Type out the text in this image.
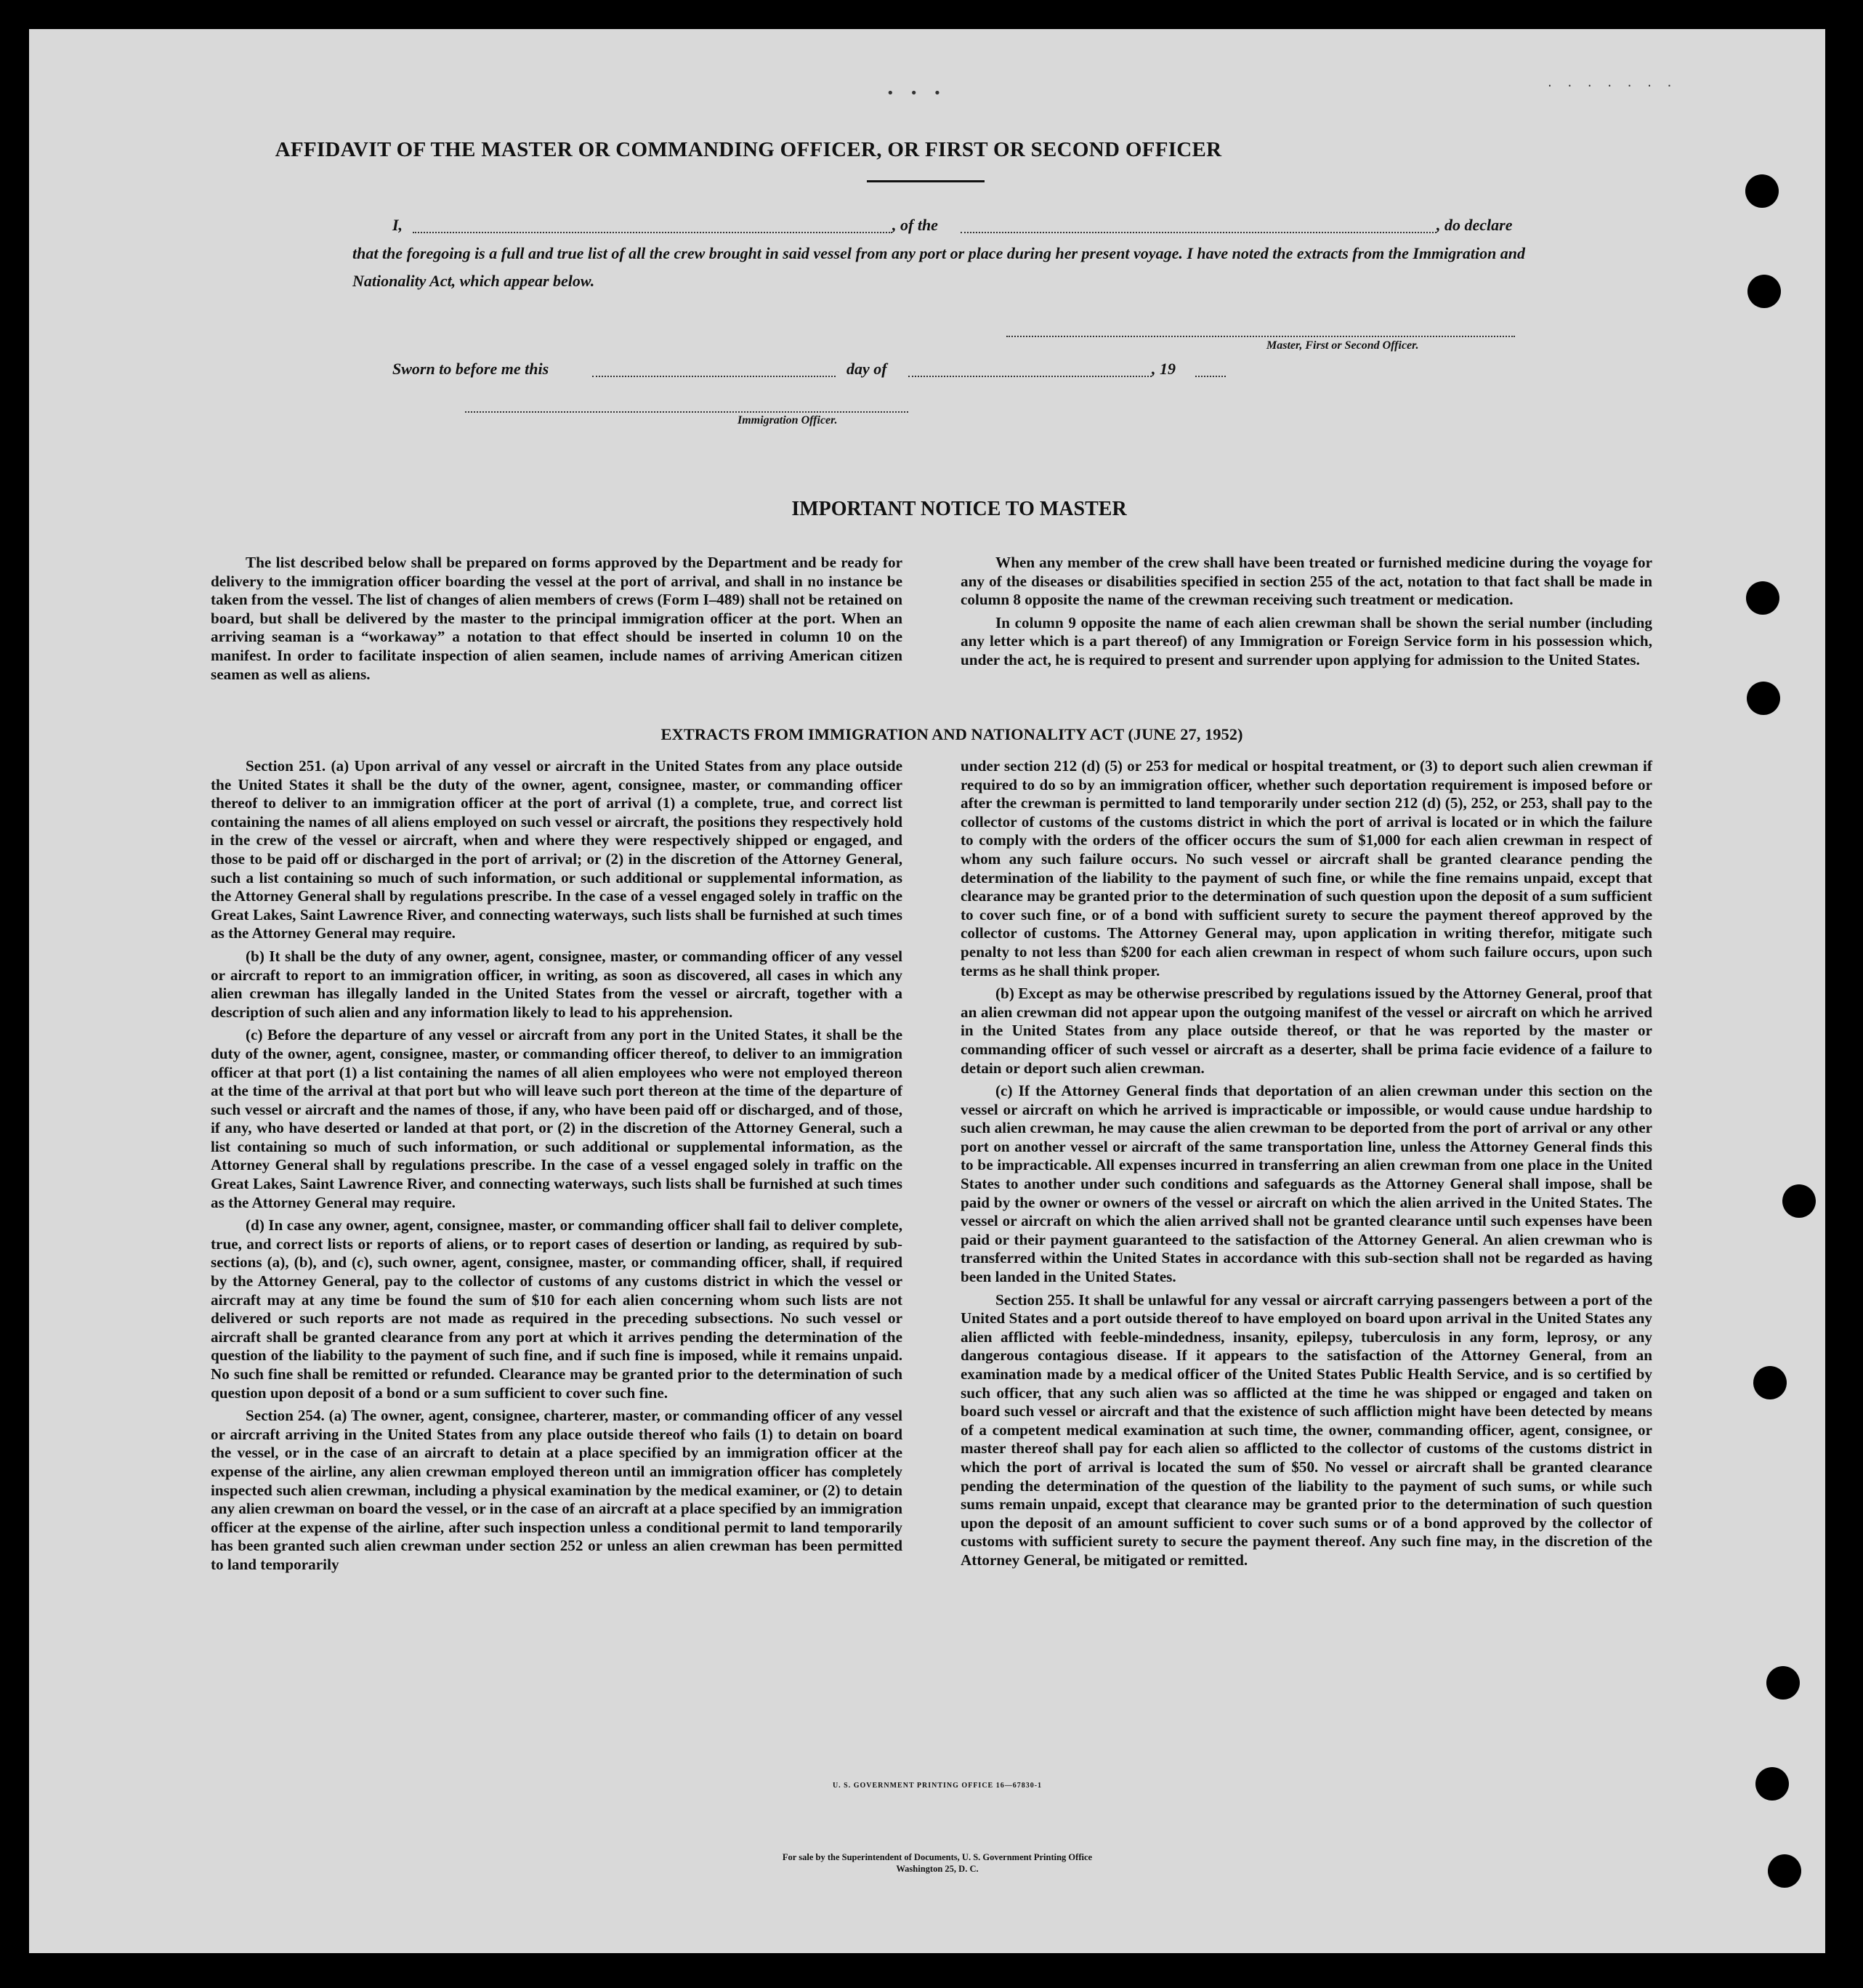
• • •	· · · · · · ·
AFFIDAVIT OF THE MASTER OR COMMANDING OFFICER, OR FIRST OR SECOND OFFICER
I,	, of the	, do declare
that the foregoing is a full and true list of all the crew brought in said vessel from any port or place during her present voyage. I have noted the extracts from the Immigration and Nationality Act, which appear below.
Master, First or Second Officer.
Sworn to before me this	day of	, 19
Immigration Officer.
IMPORTANT NOTICE TO MASTER

The list described below shall be prepared on forms approved by the Department and be ready for delivery to the immigration officer boarding the vessel at the port of arrival, and shall in no instance be taken from the vessel. The list of changes of alien members of crews (Form I–489) shall not be retained on board, but shall be delivered by the master to the principal immigration officer at the port. When an arriving seaman is a “workaway” a notation to that effect should be inserted in column 10 on the manifest. In order to facilitate inspection of alien seamen, include names of arriving American citizen seamen as well as aliens.

When any member of the crew shall have been treated or furnished medicine during the voyage for any of the diseases or disabilities specified in section 255 of the act, notation to that fact shall be made in column 8 opposite the name of the crewman receiving such treatment or medication.

In column 9 opposite the name of each alien crewman shall be shown the serial number (including any letter which is a part thereof) of any Immigration or Foreign Service form in his possession which, under the act, he is required to present and surrender upon applying for admission to the United States.

EXTRACTS FROM IMMIGRATION AND NATIONALITY ACT (JUNE 27, 1952)

Section 251. (a) Upon arrival of any vessel or aircraft in the United States from any place outside the United States it shall be the duty of the owner, agent, consignee, master, or commanding officer thereof to deliver to an immigration officer at the port of arrival (1) a complete, true, and correct list containing the names of all aliens employed on such vessel or aircraft, the positions they respectively hold in the crew of the vessel or aircraft, when and where they were respectively shipped or engaged, and those to be paid off or discharged in the port of arrival; or (2) in the discretion of the Attorney General, such a list containing so much of such information, or such additional or supplemental information, as the Attorney General shall by regulations prescribe. In the case of a vessel engaged solely in traffic on the Great Lakes, Saint Lawrence River, and connecting waterways, such lists shall be furnished at such times as the Attorney General may require.

(b) It shall be the duty of any owner, agent, consignee, master, or commanding officer of any vessel or aircraft to report to an immigration officer, in writing, as soon as discovered, all cases in which any alien crewman has illegally landed in the United States from the vessel or aircraft, together with a description of such alien and any information likely to lead to his apprehension.

(c) Before the departure of any vessel or aircraft from any port in the United States, it shall be the duty of the owner, agent, consignee, master, or commanding officer thereof, to deliver to an immigration officer at that port (1) a list containing the names of all alien employees who were not employed thereon at the time of the arrival at that port but who will leave such port thereon at the time of the departure of such vessel or aircraft and the names of those, if any, who have been paid off or discharged, and of those, if any, who have deserted or landed at that port, or (2) in the discretion of the Attorney General, such a list containing so much of such information, or such additional or supplemental information, as the Attorney General shall by regulations prescribe. In the case of a vessel engaged solely in traffic on the Great Lakes, Saint Lawrence River, and connecting waterways, such lists shall be furnished at such times as the Attorney General may require.

(d) In case any owner, agent, consignee, master, or commanding officer shall fail to deliver complete, true, and correct lists or reports of aliens, or to report cases of desertion or landing, as required by sub-sections (a), (b), and (c), such owner, agent, consignee, master, or commanding officer, shall, if required by the Attorney General, pay to the collector of customs of any customs district in which the vessel or aircraft may at any time be found the sum of $10 for each alien concerning whom such lists are not delivered or such reports are not made as required in the preceding subsections. No such vessel or aircraft shall be granted clearance from any port at which it arrives pending the determination of the question of the liability to the payment of such fine, and if such fine is imposed, while it remains unpaid. No such fine shall be remitted or refunded. Clearance may be granted prior to the determination of such question upon deposit of a bond or a sum sufficient to cover such fine.

Section 254. (a) The owner, agent, consignee, charterer, master, or commanding officer of any vessel or aircraft arriving in the United States from any place outside thereof who fails (1) to detain on board the vessel, or in the case of an aircraft to detain at a place specified by an immigration officer at the expense of the airline, any alien crewman employed thereon until an immigration officer has completely inspected such alien crewman, including a physical examination by the medical examiner, or (2) to detain any alien crewman on board the vessel, or in the case of an aircraft at a place specified by an immigration officer at the expense of the airline, after such inspection unless a conditional permit to land temporarily has been granted such alien crewman under section 252 or unless an alien crewman has been permitted to land temporarily

under section 212 (d) (5) or 253 for medical or hospital treatment, or (3) to deport such alien crewman if required to do so by an immigration officer, whether such deportation requirement is imposed before or after the crewman is permitted to land temporarily under section 212 (d) (5), 252, or 253, shall pay to the collector of customs of the customs district in which the port of arrival is located or in which the failure to comply with the orders of the officer occurs the sum of $1,000 for each alien crewman in respect of whom any such failure occurs. No such vessel or aircraft shall be granted clearance pending the determination of the liability to the payment of such fine, or while the fine remains unpaid, except that clearance may be granted prior to the determination of such question upon the deposit of a sum sufficient to cover such fine, or of a bond with sufficient surety to secure the payment thereof approved by the collector of customs. The Attorney General may, upon application in writing therefor, mitigate such penalty to not less than $200 for each alien crewman in respect of whom such failure occurs, upon such terms as he shall think proper.

(b) Except as may be otherwise prescribed by regulations issued by the Attorney General, proof that an alien crewman did not appear upon the outgoing manifest of the vessel or aircraft on which he arrived in the United States from any place outside thereof, or that he was reported by the master or commanding officer of such vessel or aircraft as a deserter, shall be prima facie evidence of a failure to detain or deport such alien crewman.

(c) If the Attorney General finds that deportation of an alien crewman under this section on the vessel or aircraft on which he arrived is impracticable or impossible, or would cause undue hardship to such alien crewman, he may cause the alien crewman to be deported from the port of arrival or any other port on another vessel or aircraft of the same transportation line, unless the Attorney General finds this to be impracticable. All expenses incurred in transferring an alien crewman from one place in the United States to another under such conditions and safeguards as the Attorney General shall impose, shall be paid by the owner or owners of the vessel or aircraft on which the alien arrived in the United States. The vessel or aircraft on which the alien arrived shall not be granted clearance until such expenses have been paid or their payment guaranteed to the satisfaction of the Attorney General. An alien crewman who is transferred within the United States in accordance with this sub-section shall not be regarded as having been landed in the United States.

Section 255. It shall be unlawful for any vessal or aircraft carrying passengers between a port of the United States and a port outside thereof to have employed on board upon arrival in the United States any alien afflicted with feeble-mindedness, insanity, epilepsy, tuberculosis in any form, leprosy, or any dangerous contagious disease. If it appears to the satisfaction of the Attorney General, from an examination made by a medical officer of the United States Public Health Service, and is so certified by such officer, that any such alien was so afflicted at the time he was shipped or engaged and taken on board such vessel or aircraft and that the existence of such affliction might have been detected by means of a competent medical examination at such time, the owner, commanding officer, agent, consignee, or master thereof shall pay for each alien so afflicted to the collector of customs of the customs district in which the port of arrival is located the sum of $50. No vessel or aircraft shall be granted clearance pending the determination of the question of the liability to the payment of such sums, or while such sums remain unpaid, except that clearance may be granted prior to the determination of such question upon the deposit of an amount sufficient to cover such sums or of a bond approved by the collector of customs with sufficient surety to secure the payment thereof. Any such fine may, in the discretion of the Attorney General, be mitigated or remitted.

U. S. GOVERNMENT PRINTING OFFICE 16—67830-1
For sale by the Superintendent of Documents, U. S. Government Printing Office
Washington 25, D. C.
